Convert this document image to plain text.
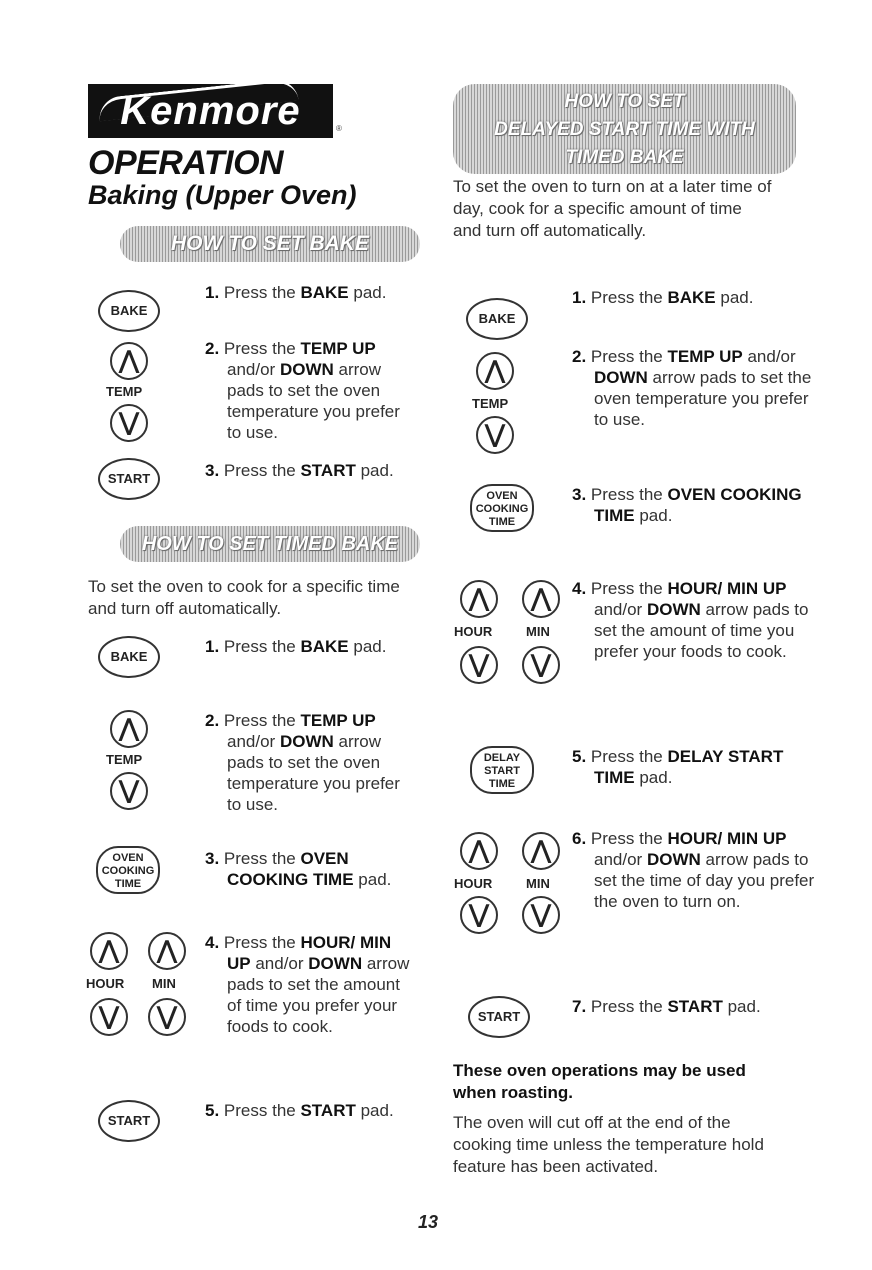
Kenmore	®
OPERATION
Baking (Upper Oven)
HOW TO SET BAKE
BAKE
1. Press the BAKE pad.
⋀
TEMP
⋁
2. Press the TEMP UP and/or DOWN arrow pads to set the oven temperature you prefer to use.
START	3. Press the START pad.
HOW TO SET TIMED BAKE
To set the oven to cook for a specific time and turn off automatically.
BAKE
1. Press the BAKE pad.
⋀
TEMP
⋁
2. Press the TEMP UP and/or DOWN arrow pads to set the oven temperature you prefer to use.
OVEN
COOKING
TIME
3. Press the OVEN COOKING TIME pad.
⋀	⋀
HOUR MIN
⋁	⋁
4. Press the HOUR/ MIN UP and/or DOWN arrow pads to set the amount of time you prefer your foods to cook.
START
5. Press the START pad.
HOW TO SET
DELAYED START TIME WITH
TIMED BAKE
To set the oven to turn on at a later time of day, cook for a specific amount of time and turn off automatically.
BAKE
1. Press the BAKE pad.
⋀
TEMP
⋁
2. Press the TEMP UP and/or DOWN arrow pads to set the oven temperature you prefer to use.
OVEN
COOKING
TIME
3. Press the OVEN COOKING TIME pad.
⋀	⋀
HOUR	MIN
⋁	⋁
4. Press the HOUR/ MIN UP and/or DOWN arrow pads to set the amount of time you prefer your foods to cook.
DELAY
START
TIME
5. Press the DELAY START TIME pad.
⋀	⋀
HOUR	MIN
⋁	⋁
6. Press the HOUR/ MIN UP and/or DOWN arrow pads to set the time of day you prefer the oven to turn on.
START
7. Press the START pad.
These oven operations may be used when roasting.
The oven will cut off at the end of the cooking time unless the temperature hold feature has been activated.
13
